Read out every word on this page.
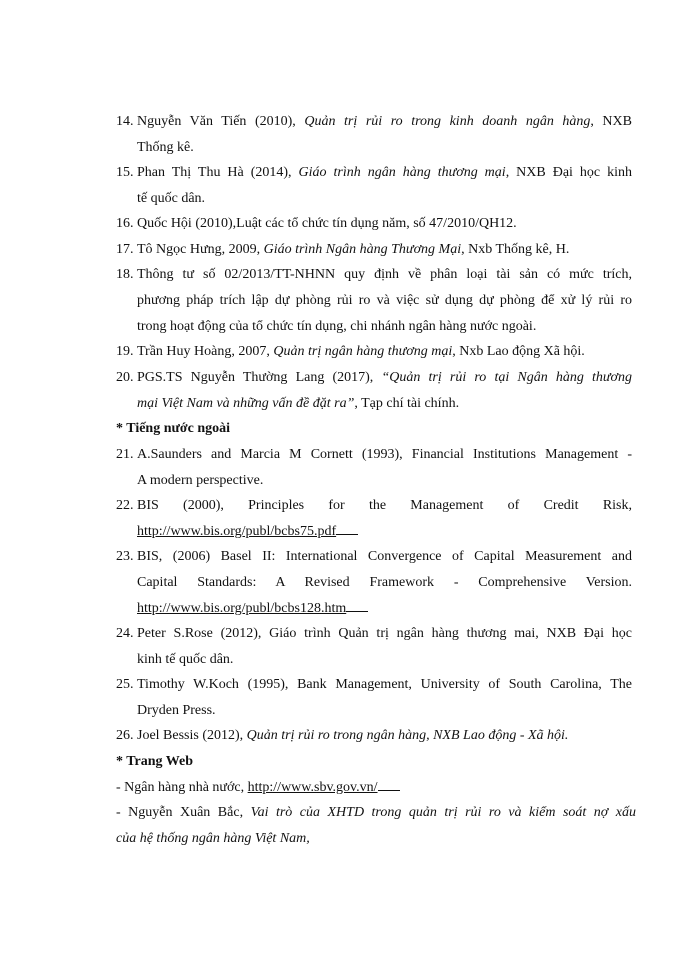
14. Nguyễn Văn Tiến (2010), Quản trị rủi ro trong kinh doanh ngân hàng, NXB
Thống kê.
15. Phan Thị Thu Hà (2014), Giáo trình ngân hàng thương mại, NXB Đại học kinh
tế quốc dân.
16. Quốc Hội (2010),Luật các tổ chức tín dụng năm, số 47/2010/QH12.
17. Tô Ngọc Hưng, 2009, Giáo trình Ngân hàng Thương Mại, Nxb Thống kê, H.
18. Thông tư số 02/2013/TT-NHNN quy định về phân loại tài sản có mức trích,
phương pháp trích lập dự phòng rủi ro và việc sử dụng dự phòng để xử lý rủi ro
trong hoạt động của tổ chức tín dụng, chi nhánh ngân hàng nước ngoài.
19. Trần Huy Hoàng, 2007, Quản trị ngân hàng thương mại, Nxb Lao động Xã hội.
20. PGS.TS Nguyễn Thường Lang (2017), “Quản trị rủi ro tại Ngân hàng thương
mại Việt Nam và những vấn đề đặt ra”, Tạp chí tài chính.
* Tiếng nước ngoài
21. A.Saunders and Marcia M Cornett (1993), Financial Institutions Management -
A modern perspective.
22. BIS (2000), Principles for the Management of Credit Risk,
http://www.bis.org/publ/bcbs75.pdf
23. BIS, (2006) Basel II: International Convergence of Capital Measurement and
Capital Standards: A Revised Framework - Comprehensive Version.
http://www.bis.org/publ/bcbs128.htm
24. Peter S.Rose (2012), Giáo trình Quản trị ngân hàng thương mai, NXB Đại học
kinh tế quốc dân.
25. Timothy W.Koch (1995), Bank Management, University of South Carolina, The
Dryden Press.
26. Joel Bessis (2012), Quản trị rủi ro trong ngân hàng, NXB Lao động - Xã hội.
* Trang Web
- Ngân hàng nhà nước, http://www.sbv.gov.vn/
- Nguyễn Xuân Bắc, Vai trò của XHTD trong quản trị rủi ro và kiểm soát nợ xấu
của hệ thống ngân hàng Việt Nam,
